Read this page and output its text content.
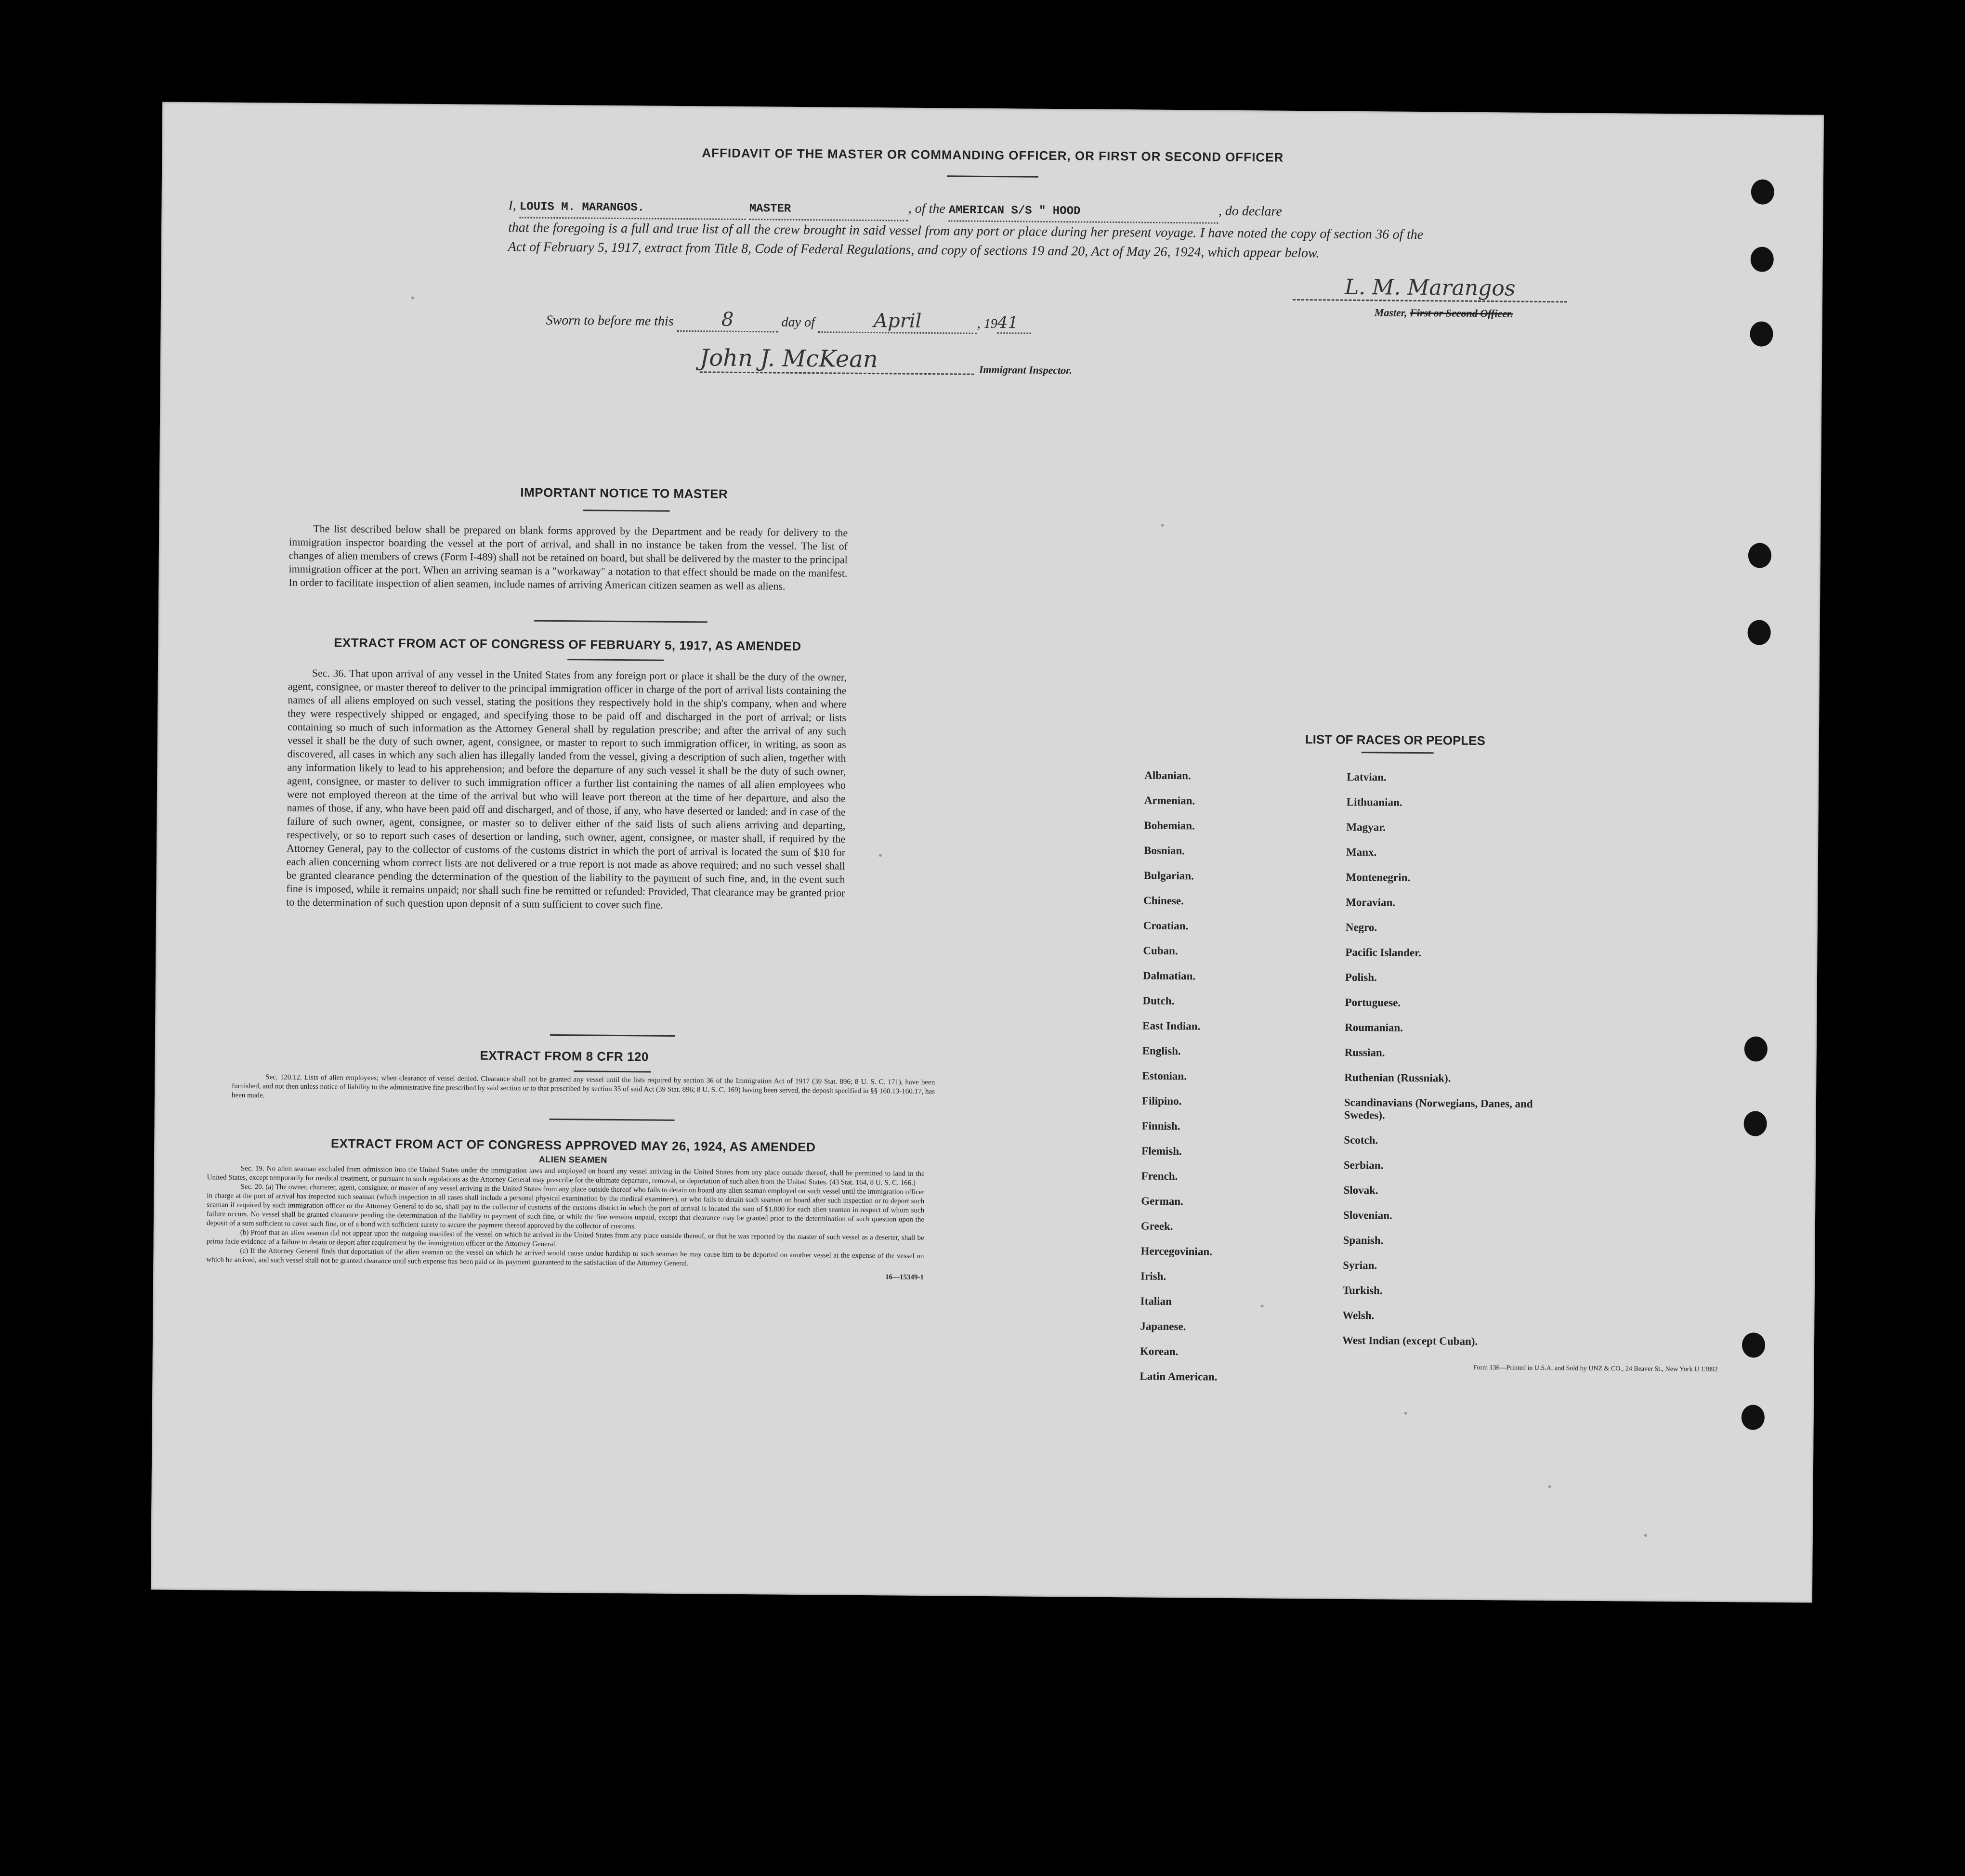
AFFIDAVIT OF THE MASTER OR COMMANDING OFFICER, OR FIRST OR SECOND OFFICER
I, LOUIS M. MARANGOS.	MASTER	, of the AMERICAN S/S " HOOD	, do declare
that the foregoing is a full and true list of all the crew brought in said vessel from any port or place during her present voyage. I have noted the copy of section 36 of the Act of February 5, 1917, extract from Title 8, Code of Federal Regulations, and copy of sections 19 and 20, Act of May 26, 1924, which appear below.
L. M. Marangos
Master, First or Second Officer.
Sworn to before me this 8	day of	April	, 1941
John J. McKean	Immigrant Inspector.
IMPORTANT NOTICE TO MASTER
The list described below shall be prepared on blank forms approved by the Department and be ready for delivery to the immigration inspector boarding the vessel at the port of arrival, and shall in no instance be taken from the vessel. The list of changes of alien members of crews (Form I-489) shall not be retained on board, but shall be delivered by the master to the principal immigration officer at the port. When an arriving seaman is a "workaway" a notation to that effect should be made on the manifest. In order to facilitate inspection of alien seamen, include names of arriving American citizen seamen as well as aliens.
EXTRACT FROM ACT OF CONGRESS OF FEBRUARY 5, 1917, AS AMENDED
Sec. 36. That upon arrival of any vessel in the United States from any foreign port or place it shall be the duty of the owner, agent, consignee, or master thereof to deliver to the principal immigration officer in charge of the port of arrival lists containing the names of all aliens employed on such vessel, stating the positions they respectively hold in the ship's company, when and where they were respectively shipped or engaged, and specifying those to be paid off and discharged in the port of arrival; or lists containing so much of such information as the Attorney General shall by regulation prescribe; and after the arrival of any such vessel it shall be the duty of such owner, agent, consignee, or master to report to such immigration officer, in writing, as soon as discovered, all cases in which any such alien has illegally landed from the vessel, giving a description of such alien, together with any information likely to lead to his apprehension; and before the departure of any such vessel it shall be the duty of such owner, agent, consignee, or master to deliver to such immigration officer a further list containing the names of all alien employees who were not employed thereon at the time of the arrival but who will leave port thereon at the time of her departure, and also the names of those, if any, who have been paid off and discharged, and of those, if any, who have deserted or landed; and in case of the failure of such owner, agent, consignee, or master so to deliver either of the said lists of such aliens arriving and departing, respectively, or so to report such cases of desertion or landing, such owner, agent, consignee, or master shall, if required by the Attorney General, pay to the collector of customs of the customs district in which the port of arrival is located the sum of $10 for each alien concerning whom correct lists are not delivered or a true report is not made as above required; and no such vessel shall be granted clearance pending the determination of the question of the liability to the payment of such fine, and, in the event such fine is imposed, while it remains unpaid; nor shall such fine be remitted or refunded: Provided, That clearance may be granted prior to the determination of such question upon deposit of a sum sufficient to cover such fine.
EXTRACT FROM 8 CFR 120
Sec. 120.12. Lists of alien employees; when clearance of vessel denied. Clearance shall not be granted any vessel until the lists required by section 36 of the Immigration Act of 1917 (39 Stat. 896; 8 U. S. C. 171), have been furnished, and not then unless notice of liability to the administrative fine prescribed by said section or to that prescribed by section 35 of said Act (39 Stat. 896; 8 U. S. C. 169) having been served, the deposit specified in §§ 160.13-160.17, has been made.
EXTRACT FROM ACT OF CONGRESS APPROVED MAY 26, 1924, AS AMENDED
ALIEN SEAMEN
Sec. 19. No alien seaman excluded from admission into the United States under the immigration laws and employed on board any vessel arriving in the United States from any place outside thereof, shall be permitted to land in the United States, except temporarily for medical treatment, or pursuant to such regulations as the Attorney General may prescribe for the ultimate departure, removal, or deportation of such alien from the United States. (43 Stat. 164, 8 U. S. C. 166.)
Sec. 20. (a) The owner, charterer, agent, consignee, or master of any vessel arriving in the United States from any place outside thereof who fails to detain on board any alien seaman employed on such vessel until the immigration officer in charge at the port of arrival has inspected such seaman (which inspection in all cases shall include a personal physical examination by the medical examiners), or who fails to detain such seaman on board after such inspection or to deport such seaman if required by such immigration officer or the Attorney General to do so, shall pay to the collector of customs of the customs district in which the port of arrival is located the sum of $1,000 for each alien seaman in respect of whom such failure occurs. No vessel shall be granted clearance pending the determination of the liability to payment of such fine, or while the fine remains unpaid, except that clearance may be granted prior to the determination of such question upon the deposit of a sum sufficient to cover such fine, or of a bond with sufficient surety to secure the payment thereof approved by the collector of customs.
(b) Proof that an alien seaman did not appear upon the outgoing manifest of the vessel on which he arrived in the United States from any place outside thereof, or that he was reported by the master of such vessel as a deserter, shall be prima facie evidence of a failure to detain or deport after requirement by the immigration officer or the Attorney General.
(c) If the Attorney General finds that deportation of the alien seaman on the vessel on which he arrived would cause undue hardship to such seaman he may cause him to be deported on another vessel at the expense of the vessel on which he arrived, and such vessel shall not be granted clearance until such expense has been paid or its payment guaranteed to the satisfaction of the Attorney General.
16—15349-1
LIST OF RACES OR PEOPLES
Albanian.
Armenian.
Bohemian.
Bosnian.
Bulgarian.
Chinese.
Croatian.
Cuban.
Dalmatian.
Dutch.
East Indian.
English.
Estonian.
Filipino.
Finnish.
Flemish.
French.
German.
Greek.
Hercegovinian.
Irish.
Italian
Japanese.
Korean.
Latin American.
Latvian.
Lithuanian.
Magyar.
Manx.
Montenegrin.
Moravian.
Negro.
Pacific Islander.
Polish.
Portuguese.
Roumanian.
Russian.
Ruthenian (Russniak).
Scandinavians (Norwegians, Danes, and Swedes).
Scotch.
Serbian.
Slovak.
Slovenian.
Spanish.
Syrian.
Turkish.
Welsh.
West Indian (except Cuban).
Form 136—Printed in U.S.A. and Sold by UNZ & CO., 24 Beaver St., New York U 13892
